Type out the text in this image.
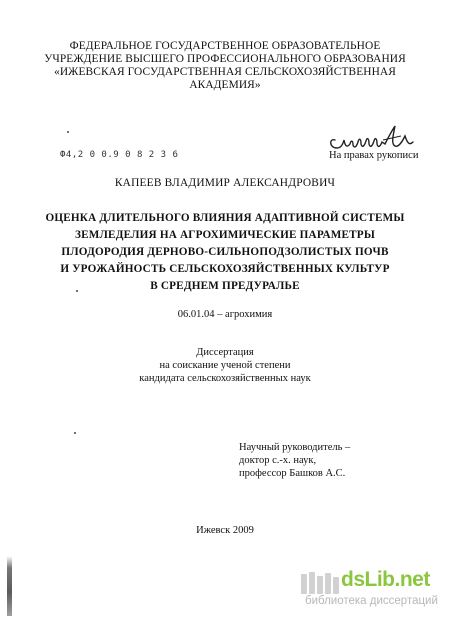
ФЕДЕРАЛЬНОЕ ГОСУДАРСТВЕННОЕ ОБРАЗОВАТЕЛЬНОЕ
УЧРЕЖДЕНИЕ ВЫСШЕГО ПРОФЕССИОНАЛЬНОГО ОБРАЗОВАНИЯ
«ИЖЕВСКАЯ ГОСУДАРСТВЕННАЯ СЕЛЬСКОХОЗЯЙСТВЕННАЯ
АКАДЕМИЯ»
Ф4,2 0 0.9 0 8 2 3 6	На правах рукописи
КАПЕЕВ ВЛАДИМИР АЛЕКСАНДРОВИЧ
ОЦЕНКА ДЛИТЕЛЬНОГО ВЛИЯНИЯ АДАПТИВНОЙ СИСТЕМЫ
ЗЕМЛЕДЕЛИЯ НА АГРОХИМИЧЕСКИЕ ПАРАМЕТРЫ
ПЛОДОРОДИЯ ДЕРНОВО-СИЛЬНОПОДЗОЛИСТЫХ ПОЧВ
И УРОЖАЙНОСТЬ СЕЛЬСКОХОЗЯЙСТВЕННЫХ КУЛЬТУР
В СРЕДНЕМ ПРЕДУРАЛЬЕ
06.01.04 – агрохимия
Диссертация
на соискание ученой степени
кандидата сельскохозяйственных наук
Научный руководитель –
доктор с.-х. наук,
профессор Башков А.С.
Ижевск 2009
dsLib.net
библиотека диссертаций
